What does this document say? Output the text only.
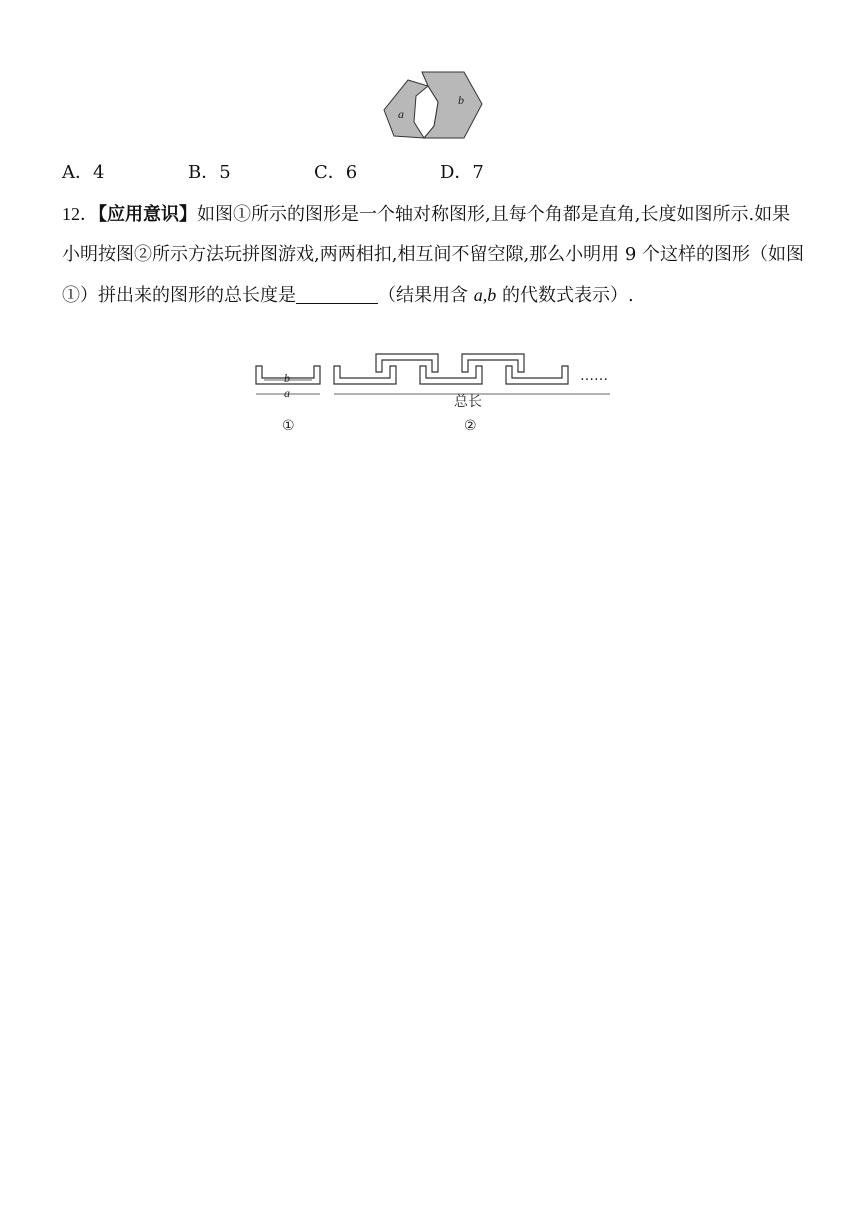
a
b
A．4	B．5	C．6	D．7
12．【应用意识】如图①所示的图形是一个轴对称图形,且每个角都是直角,长度如图所示.如果小明按图②所示方法玩拼图游戏,两两相扣,相互间不留空隙,那么小明用 9 个这样的图形（如图①）拼出来的图形的总长度是	（结果用含 a,b 的代数式表示）.
b
a
①
……
总长
②
